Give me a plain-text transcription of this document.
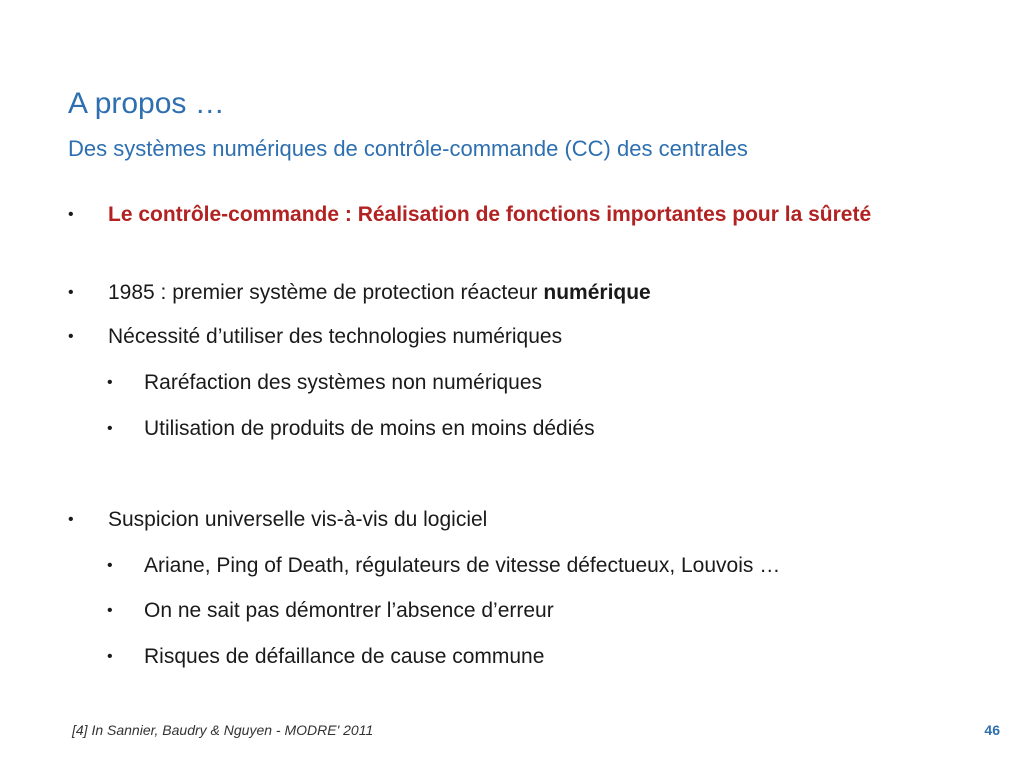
A propos …
Des systèmes numériques de contrôle-commande (CC) des centrales
• Le contrôle-commande : Réalisation de fonctions importantes pour la sûreté
• 1985 : premier système de protection réacteur numérique
• Nécessité d’utiliser des technologies numériques
• Raréfaction des systèmes non numériques
• Utilisation de produits de moins en moins dédiés
• Suspicion universelle vis-à-vis du logiciel
• Ariane, Ping of Death, régulateurs de vitesse défectueux, Louvois …
• On ne sait pas démontrer l’absence d’erreur
• Risques de défaillance de cause commune
[4] In Sannier, Baudry & Nguyen - MODRE' 2011	46
